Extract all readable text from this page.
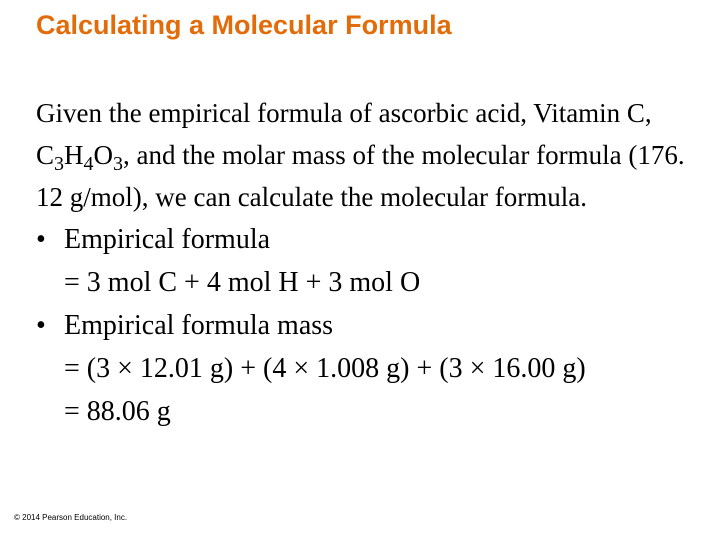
Calculating a Molecular Formula

Given the empirical formula of ascorbic acid, Vitamin C, $C_3H_4O_3$, and the molar mass of the molecular formula (176. 12 g/mol), we can calculate the molecular formula.

• Empirical formula
= 3 mol C + 4 mol H + 3 mol O
• Empirical formula mass
= (3 × 12.01 g) + (4 × 1.008 g) + (3 × 16.00 g)
= 88.06 g
© 2014 Pearson Education, Inc.
